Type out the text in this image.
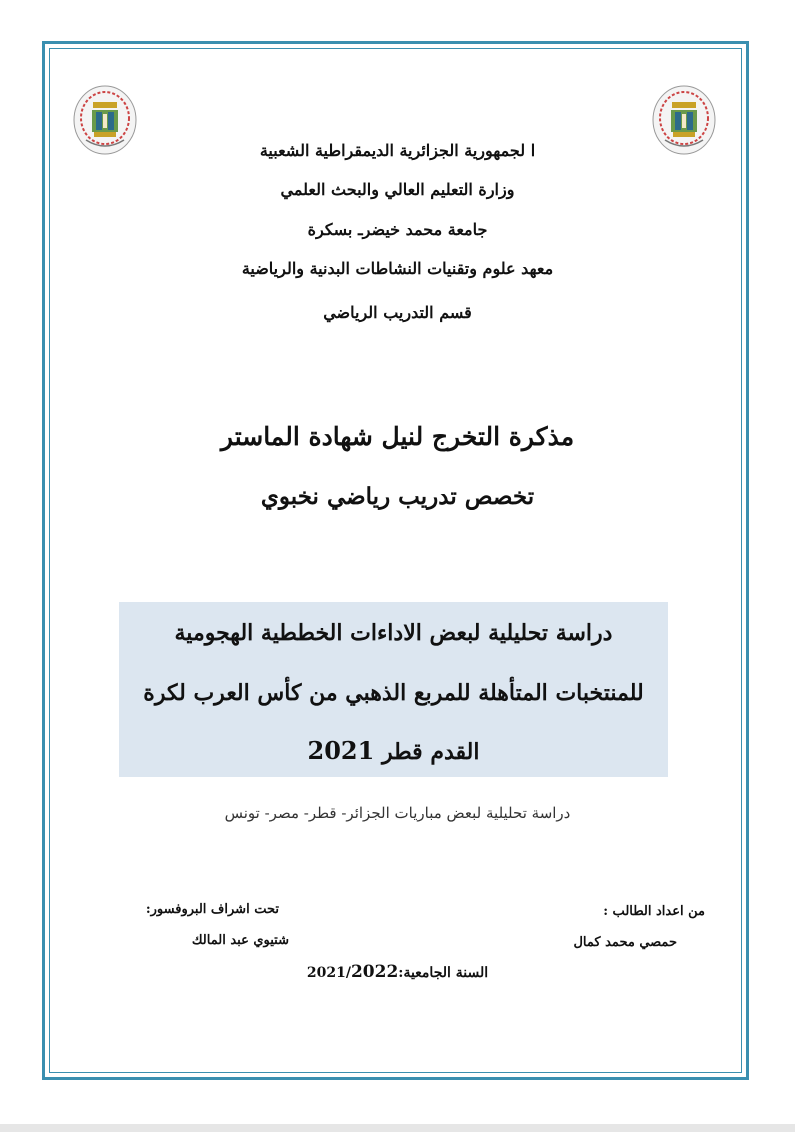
ا لجمهورية الجزائرية الديمقراطية الشعبية
وزارة التعليم العالي والبحث العلمي
جامعة محمد خيضرـ بسكرة
معهد علوم وتقنيات النشاطات البدنية والرياضية
قسم التدريب الرياضي
مذكرة التخرج لنيل شهادة الماستر
تخصص تدريب رياضي نخبوي
دراسة تحليلية لبعض الاداءات الخططية الهجومية
للمنتخبات المتأهلة للمربع الذهبي من كأس العرب لكرة
القدم قطر 2021
دراسة تحليلية لبعض مباريات الجزائر- قطر- مصر- تونس
من اعداد الطالب :
حمصي محمد كمال
تحت اشراف البروفسور:
شتيوي عبد المالك
السنة الجامعية:2021/2022
